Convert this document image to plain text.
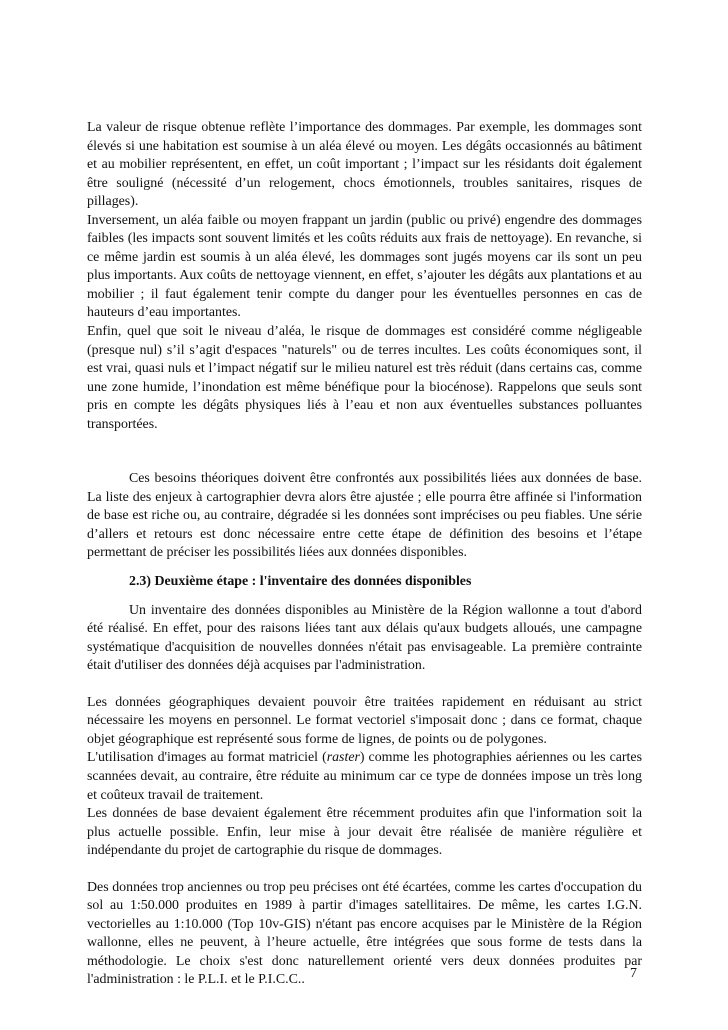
La valeur de risque obtenue reflète l’importance des dommages. Par exemple, les dommages sont élevés si une habitation est soumise à un aléa élevé ou moyen. Les dégâts occasionnés au bâtiment et au mobilier représentent, en effet, un coût important ; l’impact sur les résidants doit également être souligné (nécessité d’un relogement, chocs émotionnels, troubles sanitaires, risques de pillages).

Inversement, un aléa faible ou moyen frappant un jardin (public ou privé) engendre des dommages faibles (les impacts sont souvent limités et les coûts réduits aux frais de nettoyage). En revanche, si ce même jardin est soumis à un aléa élevé, les dommages sont jugés moyens car ils sont un peu plus importants. Aux coûts de nettoyage viennent, en effet, s’ajouter les dégâts aux plantations et au mobilier ; il faut également tenir compte du danger pour les éventuelles personnes en cas de hauteurs d’eau importantes.

Enfin, quel que soit le niveau d’aléa, le risque de dommages est considéré comme négligeable (presque nul) s’il s’agit d'espaces "naturels" ou de terres incultes. Les coûts économiques sont, il est vrai, quasi nuls et l’impact négatif sur le milieu naturel est très réduit (dans certains cas, comme une zone humide, l’inondation est même bénéfique pour la biocénose). Rappelons que seuls sont pris en compte les dégâts physiques liés à l’eau et non aux éventuelles substances polluantes transportées.

Ces besoins théoriques doivent être confrontés aux possibilités liées aux données de base. La liste des enjeux à cartographier devra alors être ajustée ; elle pourra être affinée si l'information de base est riche ou, au contraire, dégradée si les données sont imprécises ou peu fiables. Une série d’allers et retours est donc nécessaire entre cette étape de définition des besoins et l’étape permettant de préciser les possibilités liées aux données disponibles.

2.3) Deuxième étape : l'inventaire des données disponibles

Un inventaire des données disponibles au Ministère de la Région wallonne a tout d'abord été réalisé. En effet, pour des raisons liées tant aux délais qu'aux budgets alloués, une campagne systématique d'acquisition de nouvelles données n'était pas envisageable. La première contrainte était d'utiliser des données déjà acquises par l'administration.

Les données géographiques devaient pouvoir être traitées rapidement en réduisant au strict nécessaire les moyens en personnel. Le format vectoriel s'imposait donc ; dans ce format, chaque objet géographique est représenté sous forme de lignes, de points ou de polygones.

L'utilisation d'images au format matriciel (raster) comme les photographies aériennes ou les cartes scannées devait, au contraire, être réduite au minimum car ce type de données impose un très long et coûteux travail de traitement.

Les données de base devaient également être récemment produites afin que l'information soit la plus actuelle possible. Enfin, leur mise à jour devait être réalisée de manière régulière et indépendante du projet de cartographie du risque de dommages.

Des données trop anciennes ou trop peu précises ont été écartées, comme les cartes d'occupation du sol au 1:50.000 produites en 1989 à partir d'images satellitaires. De même, les cartes I.G.N. vectorielles au 1:10.000 (Top 10v-GIS) n'étant pas encore acquises par le Ministère de la Région wallonne, elles ne peuvent, à l’heure actuelle, être intégrées que sous forme de tests dans la méthodologie. Le choix s'est donc naturellement orienté vers deux données produites par l'administration : le P.L.I. et le P.I.C.C..	7
